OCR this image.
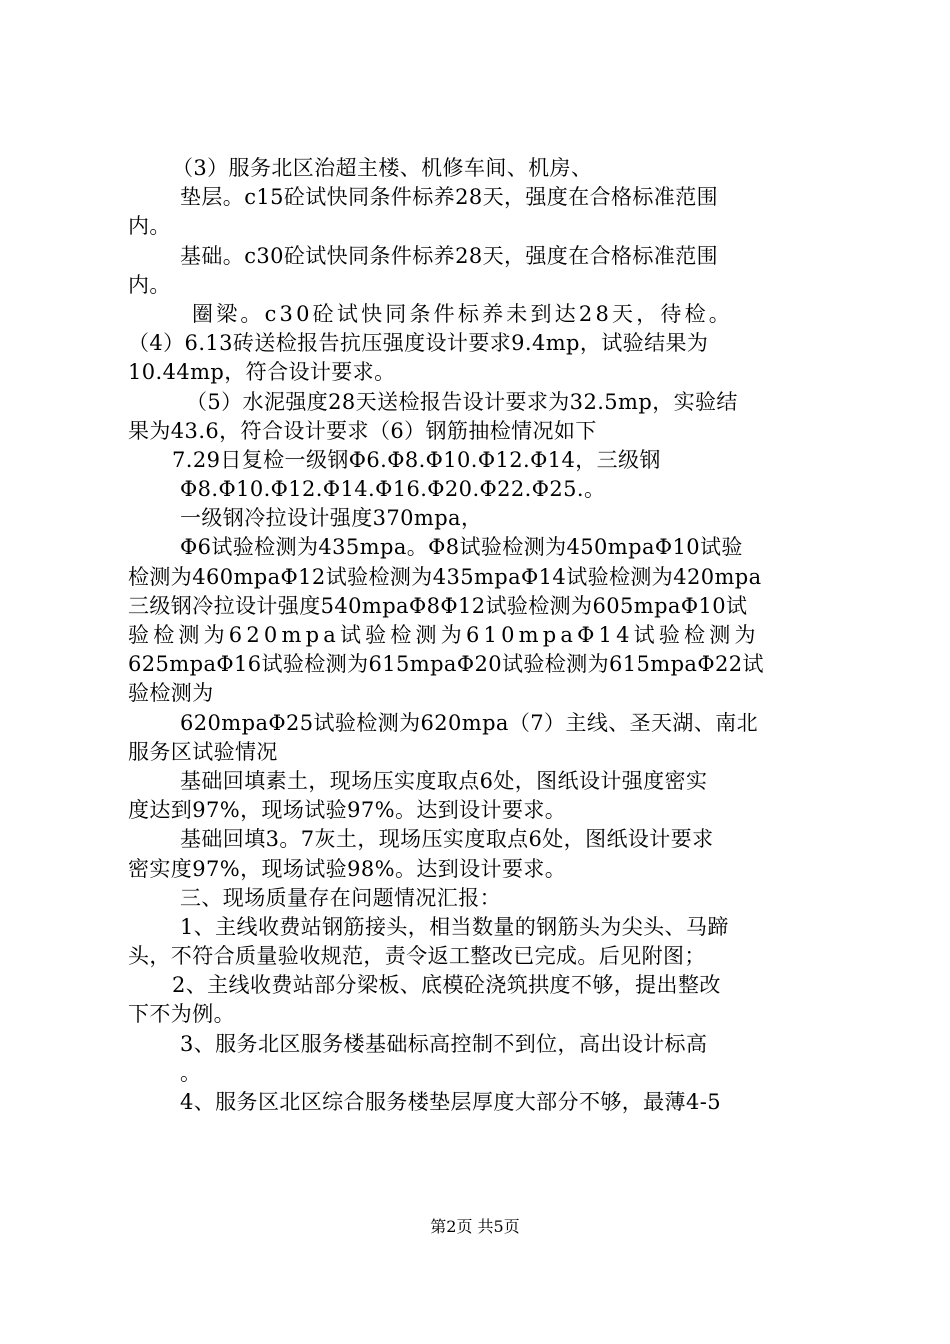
（3）服务北区治超主楼、机修车间、机房、
垫层。c15砼试快同条件标养28天，强度在合格标准范围
内。
基础。c30砼试快同条件标养28天，强度在合格标准范围
内。
圈梁。c30砼试快同条件标养未到达28天，待检。
（4）6.13砖送检报告抗压强度设计要求9.4mp，试验结果为
10.44mp，符合设计要求。
（5）水泥强度28天送检报告设计要求为32.5mp，实验结
果为43.6，符合设计要求（6）钢筋抽检情况如下
7.29日复检一级钢Φ6.Φ8.Φ10.Φ12.Φ14，三级钢
Φ8.Φ10.Φ12.Φ14.Φ16.Φ20.Φ22.Φ25.。
一级钢冷拉设计强度370mpa，
Φ6试验检测为435mpa。Φ8试验检测为450mpaΦ10试验
检测为460mpaΦ12试验检测为435mpaΦ14试验检测为420mpa
三级钢冷拉设计强度540mpaΦ8Φ12试验检测为605mpaΦ10试
验检测为620mpa试验检测为610mpaΦ14试验检测为
625mpaΦ16试验检测为615mpaΦ20试验检测为615mpaΦ22试
验检测为
620mpaΦ25试验检测为620mpa（7）主线、圣天湖、南北
服务区试验情况
基础回填素土，现场压实度取点6处，图纸设计强度密实
度达到97%，现场试验97%。达到设计要求。
基础回填3。7灰土，现场压实度取点6处，图纸设计要求
密实度97%，现场试验98%。达到设计要求。
三、现场质量存在问题情况汇报：
1、主线收费站钢筋接头，相当数量的钢筋头为尖头、马蹄
头，不符合质量验收规范，责令返工整改已完成。后见附图；
2、主线收费站部分梁板、底模砼浇筑拱度不够，提出整改
下不为例。
3、服务北区服务楼基础标高控制不到位，高出设计标高
。
4、服务区北区综合服务楼垫层厚度大部分不够，最薄4-5
第2页 共5页
